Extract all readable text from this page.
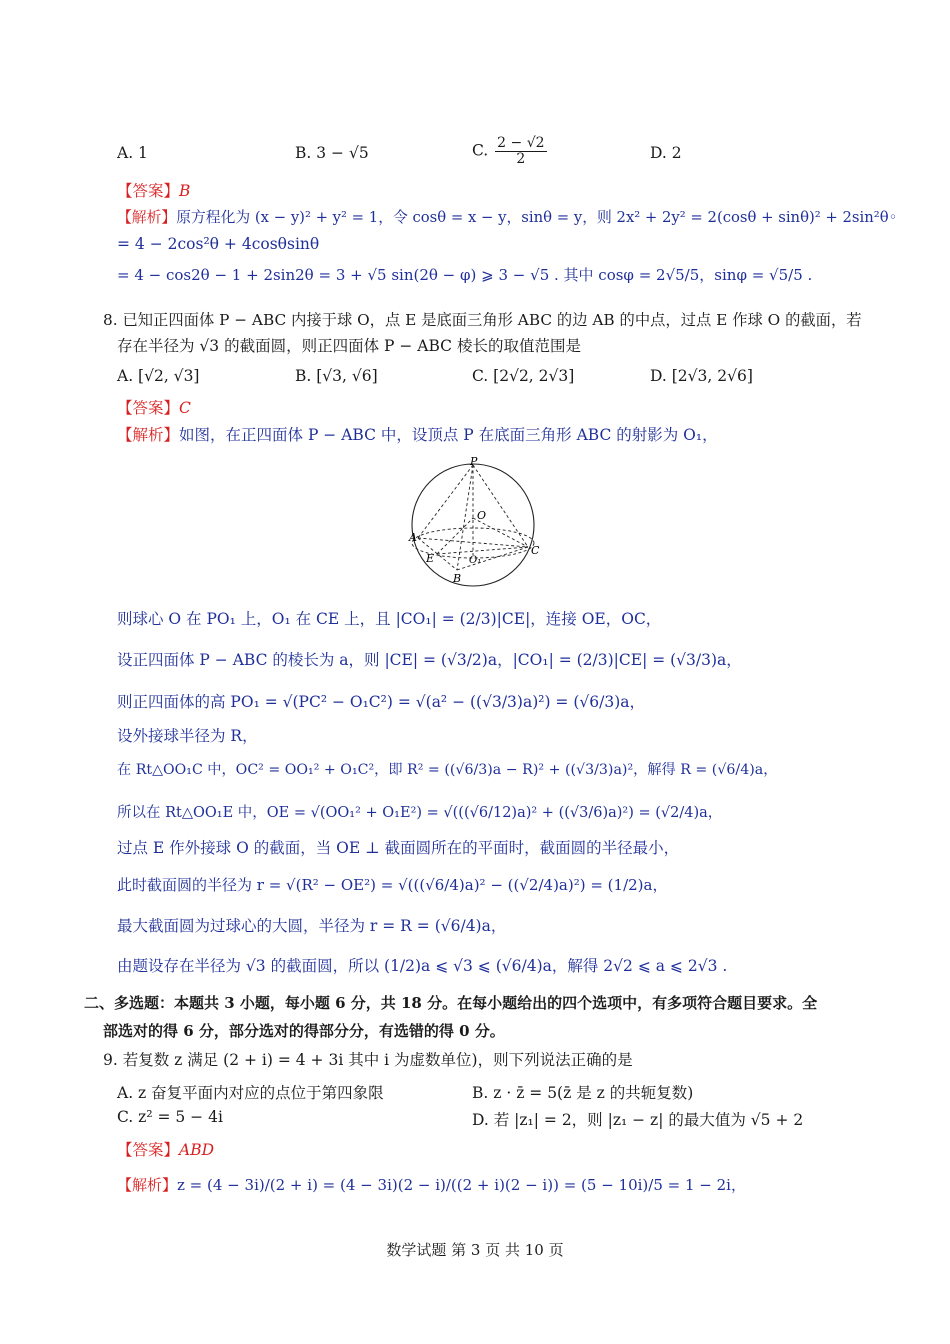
A. 1	B. 3 − √5	C. $\frac{2 - √2}{2}$	D. 2
【答案】B
【解析】原方程化为 (x − y)² + y² = 1，令 cosθ = x − y，sinθ = y，则 2x² + 2y² = 2(cosθ + sinθ)² + 2sin²θ◦
= 4 − 2cos²θ + 4cosθsinθ
= 4 − cos2θ − 1 + 2sin2θ = 3 + √5 sin(2θ − φ) ⩾ 3 − √5 . 其中 cosφ = 2√5/5，sinφ = √5/5 .
8. 已知正四面体 P − ABC 内接于球 O，点 E 是底面三角形 ABC 的边 AB 的中点，过点 E 作球 O 的截面，若
存在半径为 √3 的截面圆，则正四面体 P − ABC 棱长的取值范围是
A. [√2, √3]	B. [√3, √6]	C. [2√2, 2√3]	D. [2√3, 2√6]
【答案】C
【解析】如图，在正四面体 P − ABC 中，设顶点 P 在底面三角形 ABC 的射影为 O₁，
P
O
A
E	O₁
C
B
则球心 O 在 PO₁ 上，O₁ 在 CE 上，且 |CO₁| = (2/3)|CE|，连接 OE，OC，
设正四面体 P − ABC 的棱长为 a，则 |CE| = (√3/2)a，|CO₁| = (2/3)|CE| = (√3/3)a，
则正四面体的高 PO₁ = √(PC² − O₁C²) = √(a² − ((√3/3)a)²) = (√6/3)a，
设外接球半径为 R，
在 Rt△OO₁C 中，OC² = OO₁² + O₁C²，即 R² = ((√6/3)a − R)² + ((√3/3)a)²，解得 R = (√6/4)a，
所以在 Rt△OO₁E 中，OE = √(OO₁² + O₁E²) = √(((√6/12)a)² + ((√3/6)a)²) = (√2/4)a，
过点 E 作外接球 O 的截面，当 OE ⊥ 截面圆所在的平面时，截面圆的半径最小，
此时截面圆的半径为 r = √(R² − OE²) = √(((√6/4)a)² − ((√2/4)a)²) = (1/2)a，
最大截面圆为过球心的大圆，半径为 r = R = (√6/4)a，
由题设存在半径为 √3 的截面圆，所以 (1/2)a ⩽ √3 ⩽ (√6/4)a，解得 2√2 ⩽ a ⩽ 2√3 .
二、多选题：本题共 3 小题，每小题 6 分，共 18 分。在每小题给出的四个选项中，有多项符合题目要求。全
部选对的得 6 分，部分选对的得部分分，有选错的得 0 分。
9. 若复数 z 满足 (2 + i) = 4 + 3i 其中 i 为虚数单位)，则下列说法正确的是
A. z 奋复平面内对应的点位于第四象限	B. z · z̄ = 5(z̄ 是 z 的共轭复数)
C. z² = 5 − 4i	D. 若 |z₁| = 2，则 |z₁ − z| 的最大值为 √5 + 2
【答案】ABD
【解析】z = (4 − 3i)/(2 + i) = (4 − 3i)(2 − i)/((2 + i)(2 − i)) = (5 − 10i)/5 = 1 − 2i，
数学试题 第 3 页 共 10 页
